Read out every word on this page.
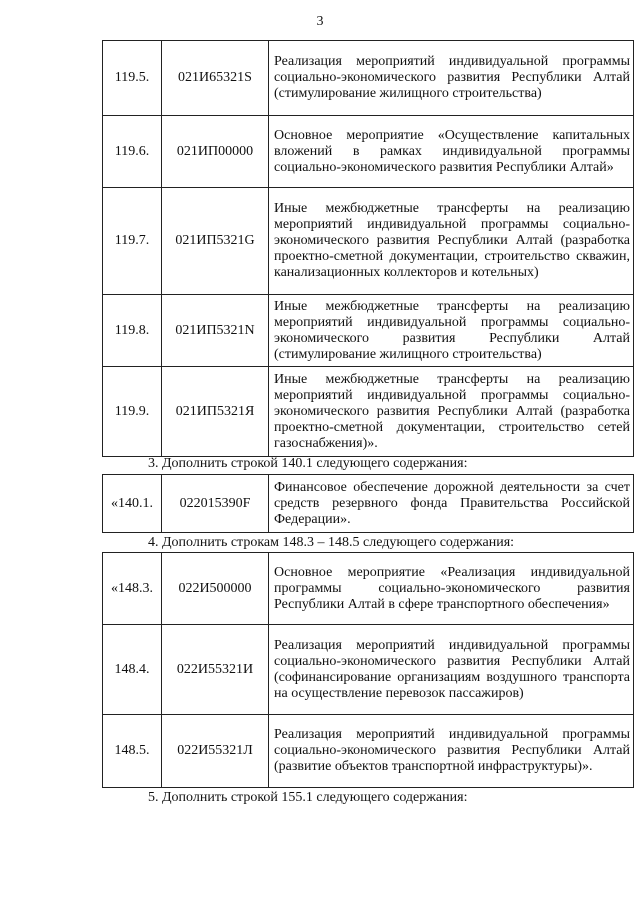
3
119.5.	021И65321S	Реализация мероприятий индивидуальной программы социально-экономического развития Республики Алтай (стимулирование жилищного строительства)
119.6.	021ИП00000	Основное мероприятие «Осуществление капитальных вложений в рамках индивидуальной программы социально-экономического развития Республики Алтай»
119.7.	021ИП5321G	Иные межбюджетные трансферты на реализацию мероприятий индивидуальной программы социально-экономического развития Республики Алтай (разработка проектно-сметной документации, строительство скважин, канализационных коллекторов и котельных)
119.8.	021ИП5321N	Иные межбюджетные трансферты на реализацию мероприятий индивидуальной программы социально-экономического развития Республики Алтай (стимулирование жилищного строительства)
119.9.	021ИП5321Я	Иные межбюджетные трансферты на реализацию мероприятий индивидуальной программы социально-экономического развития Республики Алтай (разработка проектно-сметной документации, строительство сетей газоснабжения)».
3. Дополнить строкой 140.1 следующего содержания:
«140.1.	022015390F	Финансовое обеспечение дорожной деятельности за счет средств резервного фонда Правительства Российской Федерации».
4. Дополнить строкам 148.3 – 148.5 следующего содержания:
«148.3.	022И500000	Основное мероприятие «Реализация индивидуальной программы социально-экономического развития Республики Алтай в сфере транспортного обеспечения»
148.4.	022И55321И	Реализация мероприятий индивидуальной программы социально-экономического развития Республики Алтай (софинансирование организациям воздушного транспорта на осуществление перевозок пассажиров)
148.5.	022И55321Л	Реализация мероприятий индивидуальной программы социально-экономического развития Республики Алтай (развитие объектов транспортной инфраструктуры)».
5. Дополнить строкой 155.1 следующего содержания:
